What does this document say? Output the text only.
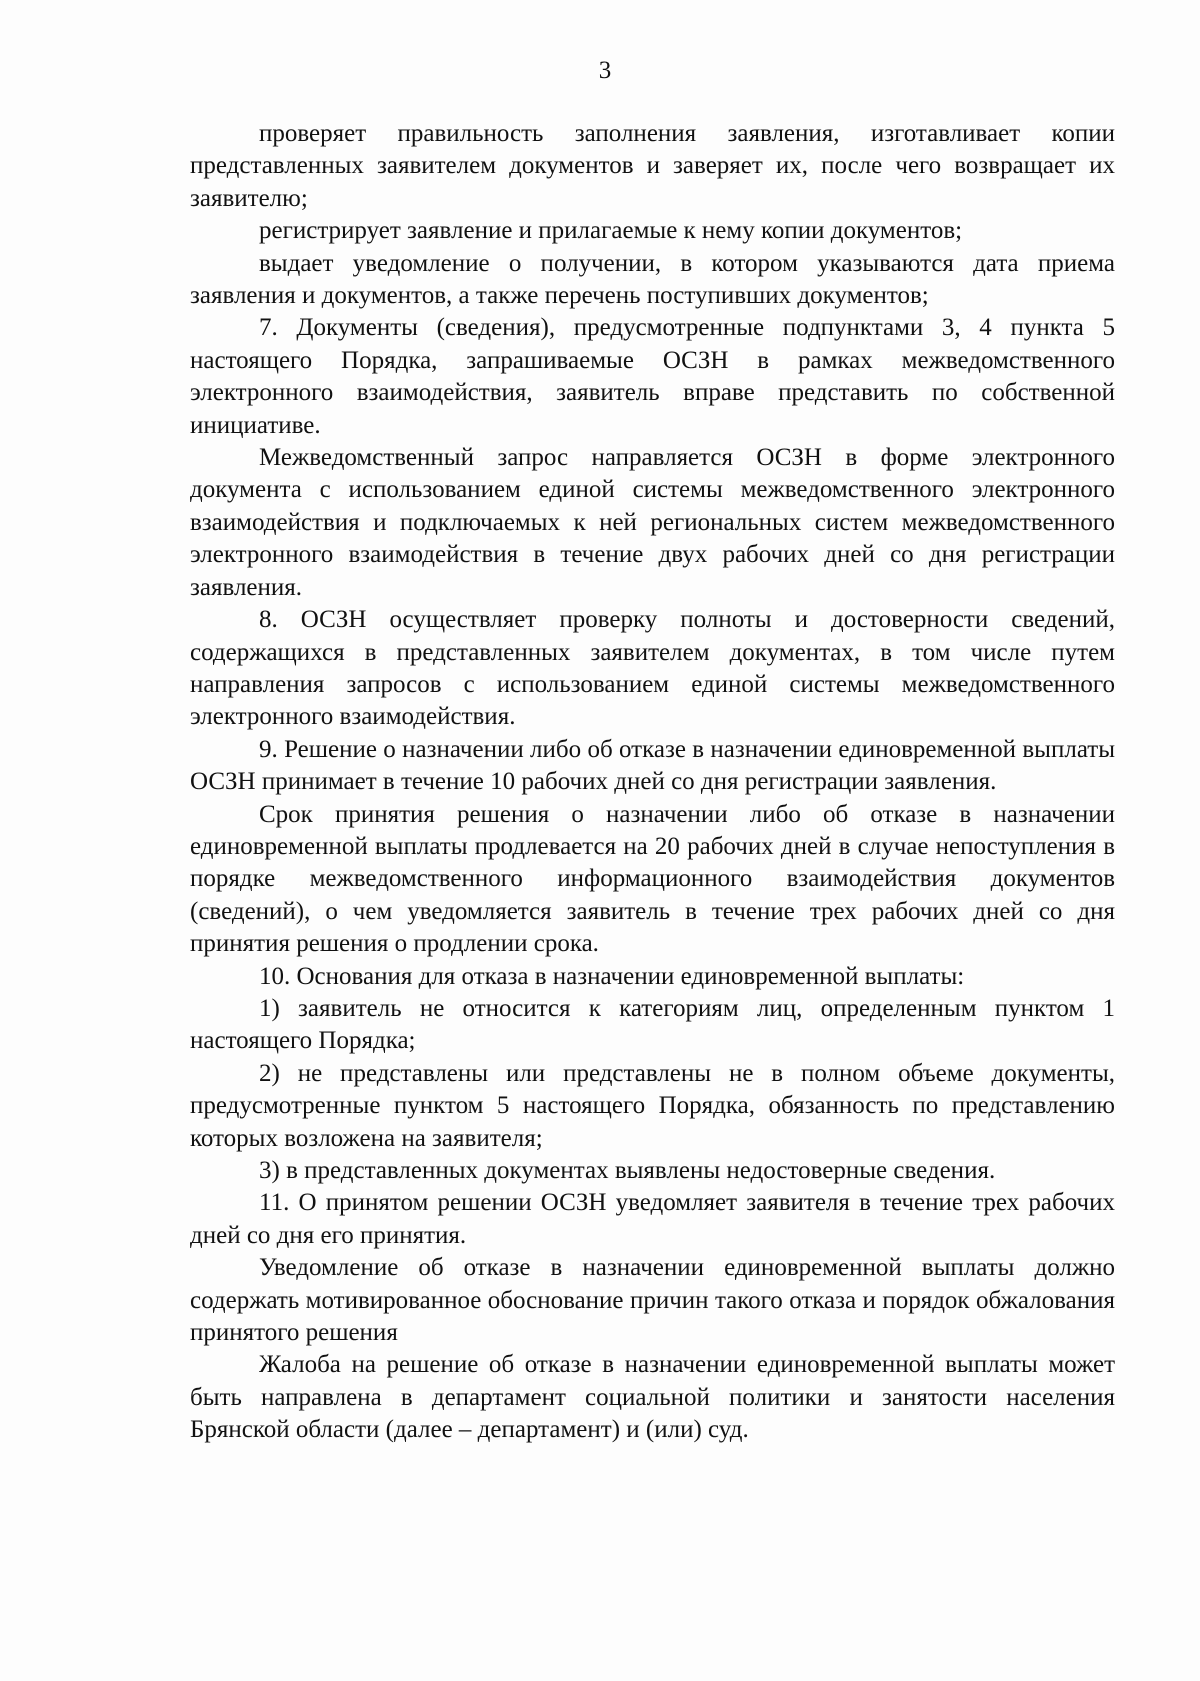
3

проверяет правильность заполнения заявления, изготавливает копии представленных заявителем документов и заверяет их, после чего возвращает их заявителю;

регистрирует заявление и прилагаемые к нему копии документов;

выдает уведомление о получении, в котором указываются дата приема заявления и документов, а также перечень поступивших документов;

7. Документы (сведения), предусмотренные подпунктами 3, 4 пункта 5 настоящего Порядка, запрашиваемые ОСЗН в рамках межведомственного электронного взаимодействия, заявитель вправе представить по собственной инициативе.

Межведомственный запрос направляется ОСЗН в форме электронного документа с использованием единой системы межведомственного электронного взаимодействия и подключаемых к ней региональных систем межведомственного электронного взаимодействия в течение двух рабочих дней со дня регистрации заявления.

8. ОСЗН осуществляет проверку полноты и достоверности сведений, содержащихся в представленных заявителем документах, в том числе путем направления запросов с использованием единой системы межведомственного электронного взаимодействия.

9. Решение о назначении либо об отказе в назначении единовременной выплаты ОСЗН принимает в течение 10 рабочих дней со дня регистрации заявления.

Срок принятия решения о назначении либо об отказе в назначении единовременной выплаты продлевается на 20 рабочих дней в случае непоступления в порядке межведомственного информационного взаимодействия документов (сведений), о чем уведомляется заявитель в течение трех рабочих дней со дня принятия решения о продлении срока.

10. Основания для отказа в назначении единовременной выплаты:

1) заявитель не относится к категориям лиц, определенным пунктом 1 настоящего Порядка;

2) не представлены или представлены не в полном объеме документы, предусмотренные пунктом 5 настоящего Порядка, обязанность по представлению которых возложена на заявителя;

3) в представленных документах выявлены недостоверные сведения.

11. О принятом решении ОСЗН уведомляет заявителя в течение трех рабочих дней со дня его принятия.

Уведомление об отказе в назначении единовременной выплаты должно содержать мотивированное обоснование причин такого отказа и порядок обжалования принятого решения

Жалоба на решение об отказе в назначении единовременной выплаты может быть направлена в департамент социальной политики и занятости населения Брянской области (далее – департамент) и (или) суд.
